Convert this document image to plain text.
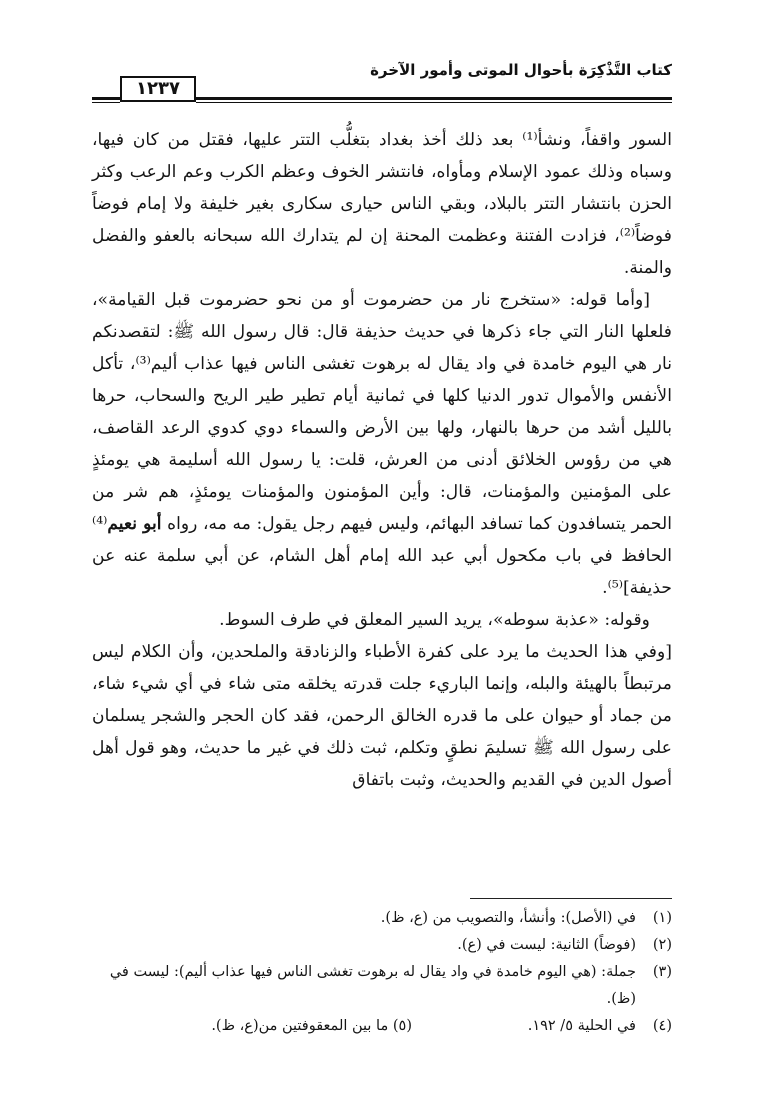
كتاب التَّذْكِرَة بأحوال الموتى وأمور الآخرة
١٢٣٧

السور واقفاً، ونشأ⁽¹⁾ بعد ذلك أخذ بغداد بتغلُّب التتر عليها، فقتل من كان فيها، وسباه وذلك عمود الإسلام ومأواه، فانتشر الخوف وعظم الكرب وعم الرعب وكثر الحزن بانتشار التتر بالبلاد، وبقي الناس حيارى سكارى بغير خليفة ولا إمام فوضاً فوضاً⁽²⁾، فزادت الفتنة وعظمت المحنة إن لم يتدارك الله سبحانه بالعفو والفضل والمنة.

[وأما قوله: «ستخرج نار من حضرموت أو من نحو حضرموت قبل القيامة»، فلعلها النار التي جاء ذكرها في حديث حذيفة قال: قال رسول الله ﷺ: لتقصدنكم نار هي اليوم خامدة في واد يقال له برهوت تغشى الناس فيها عذاب أليم⁽³⁾، تأكل الأنفس والأموال تدور الدنيا كلها في ثمانية أيام تطير طير الريح والسحاب، حرها بالليل أشد من حرها بالنهار، ولها بين الأرض والسماء دوي كدوي الرعد القاصف، هي من رؤوس الخلائق أدنى من العرش، قلت: يا رسول الله أسليمة هي يومئذٍ على المؤمنين والمؤمنات، قال: وأين المؤمنون والمؤمنات يومئذٍ، هم شر من الحمر يتسافدون كما تسافد البهائم، وليس فيهم رجل يقول: مه مه، رواه أبو نعيم⁽⁴⁾ الحافظ في باب مكحول أبي عبد الله إمام أهل الشام، عن أبي سلمة عنه عن حذيفة]⁽⁵⁾.

وقوله: «عذبة سوطه»، يريد السير المعلق في طرف السوط.

[وفي هذا الحديث ما يرد على كفرة الأطباء والزنادقة والملحدين، وأن الكلام ليس مرتبطاً بالهيئة والبله، وإنما الباريء جلت قدرته يخلقه متى شاء في أي شيء شاء، من جماد أو حيوان على ما قدره الخالق الرحمن، فقد كان الحجر والشجر يسلمان على رسول الله ﷺ تسليمَ نطقٍ وتكلم، ثبت ذلك في غير ما حديث، وهو قول أهل أصول الدين في القديم والحديث، وثبت باتفاق

(١)
في (الأصل): وأنشأ، والتصويب من (ع، ظ).

(٢)
(فوضاً) الثانية: ليست في (ع).

(٣)
جملة: (هي اليوم خامدة في واد يقال له برهوت تغشى الناس فيها عذاب أليم): ليست في (ظ).

(٤)
في الحلية ٥/ ١٩٢.
(٥) ما بين المعقوفتين من(ع، ظ).
